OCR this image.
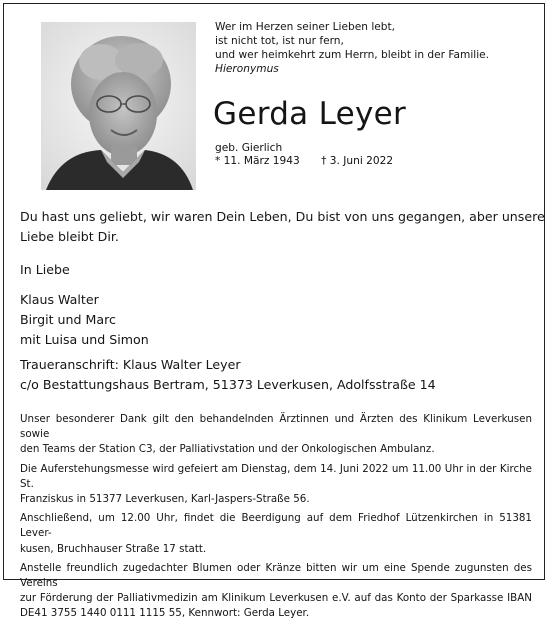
Wer im Herzen seiner Lieben lebt,
ist nicht tot, ist nur fern,
und wer heimkehrt zum Herrn, bleibt in der Familie.
Hieronymus
Gerda Leyer
geb. Gierlich
* 11. März 1943 † 3. Juni 2022
Du hast uns geliebt, wir waren Dein Leben, Du bist von uns gegangen, aber unsere
Liebe bleibt Dir.
In Liebe
Klaus Walter
Birgit und Marc
mit Luisa und Simon
Traueranschrift: Klaus Walter Leyer
c/o Bestattungshaus Bertram, 51373 Leverkusen, Adolfsstraße 14

Unser besonderer Dank gilt den behandelnden Ärztinnen und Ärzten des Klinikum Leverkusen sowie
den Teams der Station C3, der Palliativstation und der Onkologischen Ambulanz.

Die Auferstehungsmesse wird gefeiert am Dienstag, dem 14. Juni 2022 um 11.00 Uhr in der Kirche St.
Franziskus in 51377 Leverkusen, Karl-Jaspers-Straße 56.

Anschließend, um 12.00 Uhr, findet die Beerdigung auf dem Friedhof Lützenkirchen in 51381 Lever-
kusen, Bruchhauser Straße 17 statt.

Anstelle freundlich zugedachter Blumen oder Kränze bitten wir um eine Spende zugunsten des Vereins
zur Förderung der Palliativmedizin am Klinikum Leverkusen e.V. auf das Konto der Sparkasse IBAN
DE41 3755 1440 0111 1115 55, Kennwort: Gerda Leyer.
